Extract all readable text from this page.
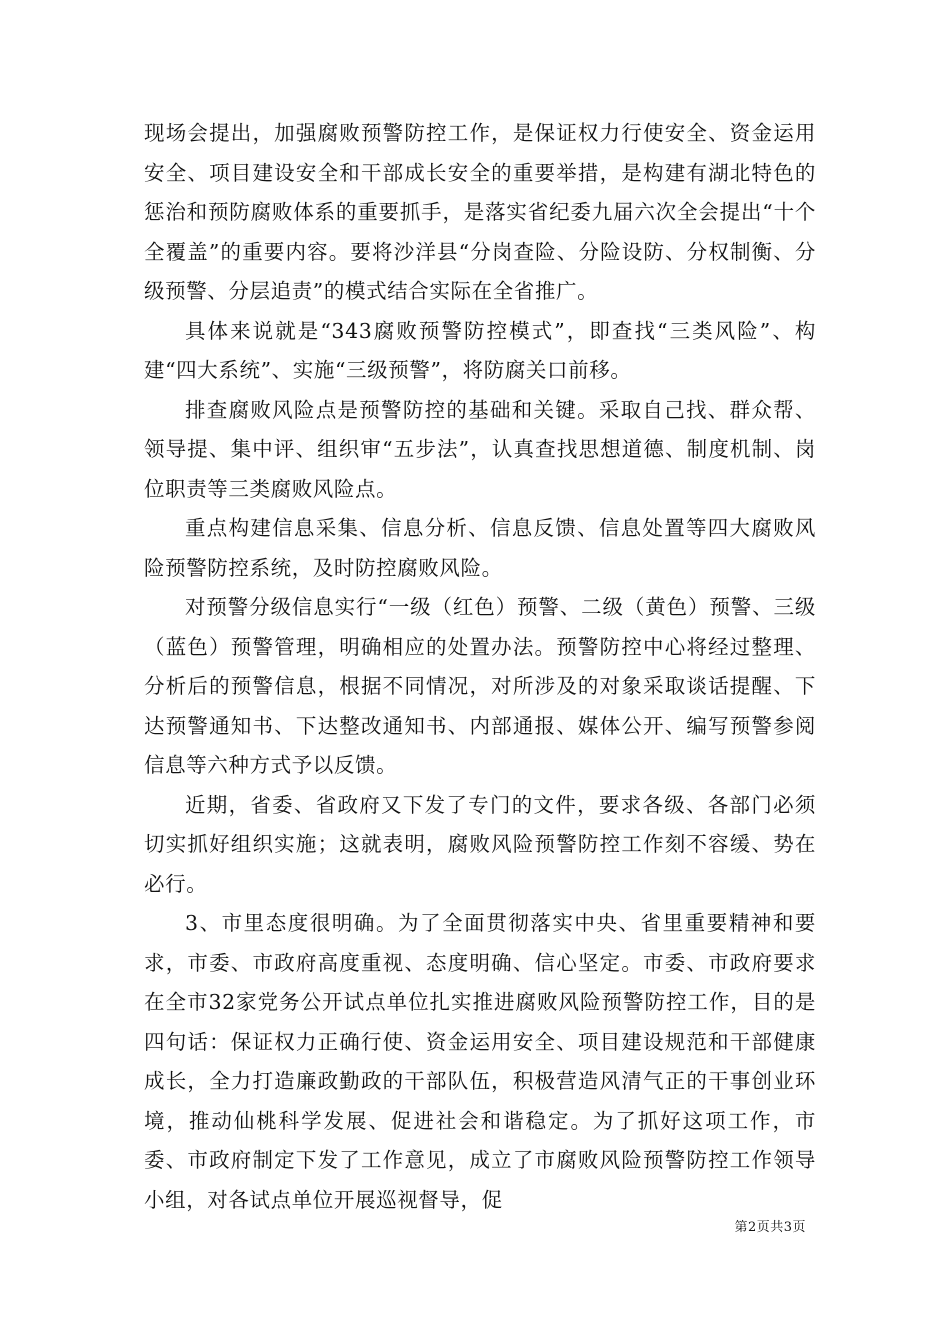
现场会提出，加强腐败预警防控工作，是保证权力行使安全、资金运用安全、项目建设安全和干部成长安全的重要举措，是构建有湖北特色的惩治和预防腐败体系的重要抓手，是落实省纪委九届六次全会提出“十个全覆盖”的重要内容。要将沙洋县“分岗查险、分险设防、分权制衡、分级预警、分层追责”的模式结合实际在全省推广。

具体来说就是“343腐败预警防控模式”，即查找“三类风险”、构建“四大系统”、实施“三级预警”，将防腐关口前移。

排查腐败风险点是预警防控的基础和关键。采取自己找、群众帮、领导提、集中评、组织审“五步法”，认真查找思想道德、制度机制、岗位职责等三类腐败风险点。

重点构建信息采集、信息分析、信息反馈、信息处置等四大腐败风险预警防控系统，及时防控腐败风险。

对预警分级信息实行“一级（红色）预警、二级（黄色）预警、三级（蓝色）预警管理，明确相应的处置办法。预警防控中心将经过整理、分析后的预警信息，根据不同情况，对所涉及的对象采取谈话提醒、下达预警通知书、下达整改通知书、内部通报、媒体公开、编写预警参阅信息等六种方式予以反馈。

近期，省委、省政府又下发了专门的文件，要求各级、各部门必须切实抓好组织实施；这就表明，腐败风险预警防控工作刻不容缓、势在必行。

3、市里态度很明确。为了全面贯彻落实中央、省里重要精神和要求，市委、市政府高度重视、态度明确、信心坚定。市委、市政府要求在全市32家党务公开试点单位扎实推进腐败风险预警防控工作，目的是四句话：保证权力正确行使、资金运用安全、项目建设规范和干部健康成长，全力打造廉政勤政的干部队伍，积极营造风清气正的干事创业环境，推动仙桃科学发展、促进社会和谐稳定。为了抓好这项工作，市委、市政府制定下发了工作意见，成立了市腐败风险预警防控工作领导小组，对各试点单位开展巡视督导，促

第2页共3页
